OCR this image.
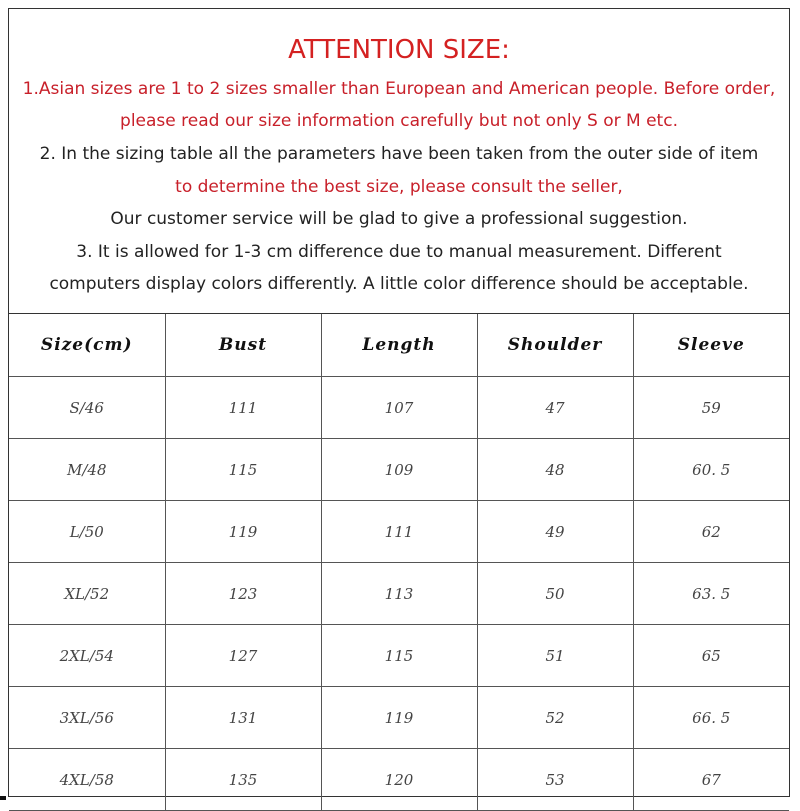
ATTENTION SIZE:
1.Asian sizes are 1 to 2 sizes smaller than European and American people. Before order,
please read our size information carefully but not only S or M etc.
2. In the sizing table all the parameters have been taken from the outer side of item
to determine the best size, please consult the seller,
Our customer service will be glad to give a professional suggestion.
3. It is allowed for 1-3 cm difference due to manual measurement. Different
computers display colors differently. A little color difference should be acceptable.
Size(cm)	Bust	Length	Shoulder	Sleeve
S/46	111	107	47	59
M/48	115	109	48	60. 5
L/50	119	111	49	62
XL/52	123	113	50	63. 5
2XL/54	127	115	51	65
3XL/56	131	119	52	66. 5
4XL/58	135	120	53	67
